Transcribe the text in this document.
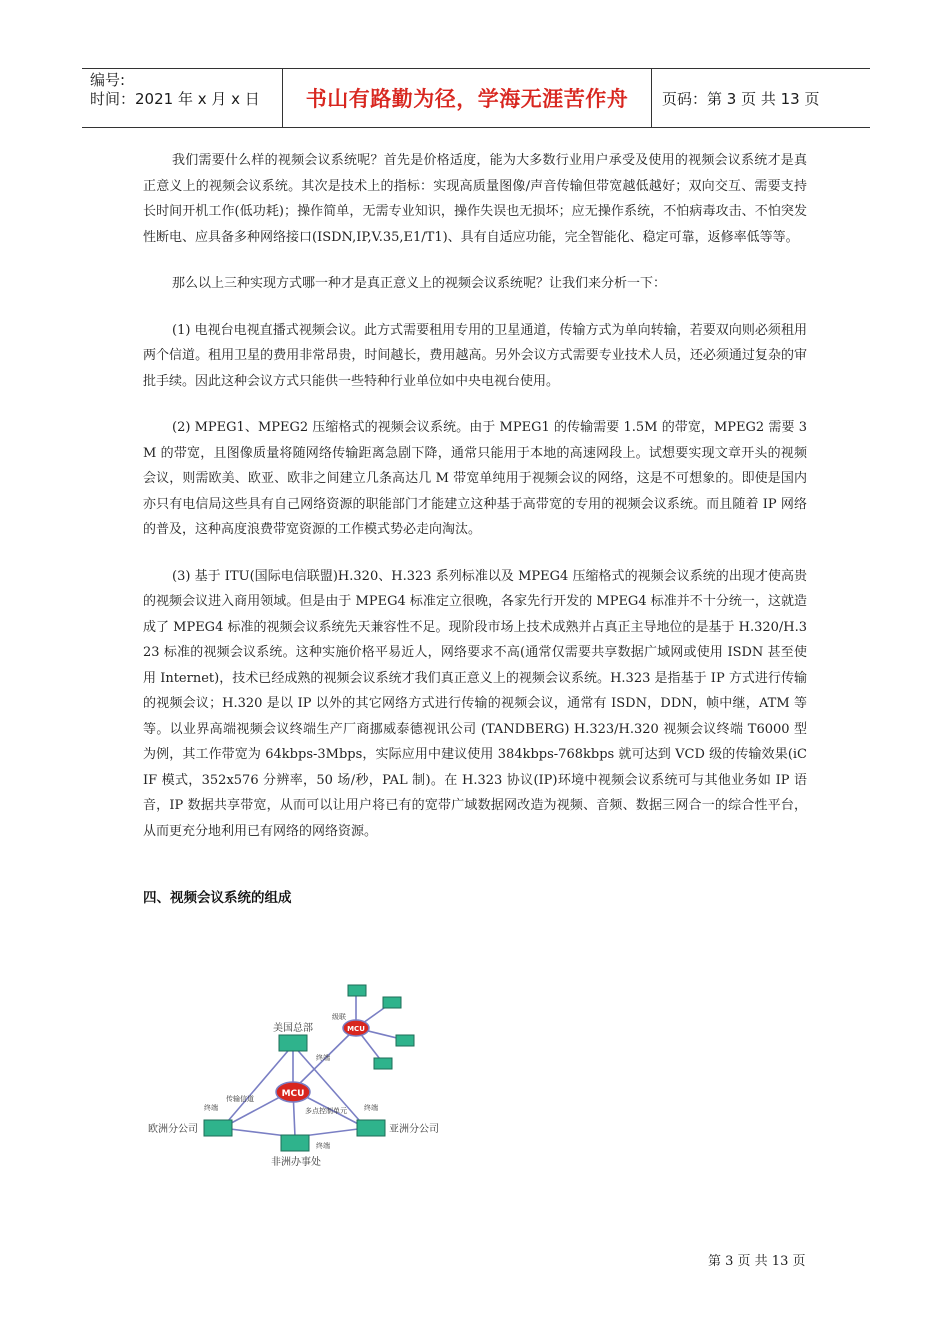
编号:
时间：2021 年 x 月 x 日	书山有路勤为径，学海无涯苦作舟	页码：第 3 页 共 13 页

我们需要什么样的视频会议系统呢？首先是价格适度，能为大多数行业用户承受及使用的视频会议系统才是真正意义上的视频会议系统。其次是技术上的指标：实现高质量图像/声音传输但带宽越低越好；双向交互、需要支持长时间开机工作(低功耗)；操作简单，无需专业知识，操作失误也无损坏；应无操作系统，不怕病毒攻击、不怕突发性断电、应具备多种网络接口(ISDN,IP,V.35,E1/T1)、具有自适应功能，完全智能化、稳定可靠，返修率低等等。

那么以上三种实现方式哪一种才是真正意义上的视频会议系统呢？让我们来分析一下：

(1) 电视台电视直播式视频会议。此方式需要租用专用的卫星通道，传输方式为单向转输，若要双向则必须租用两个信道。租用卫星的费用非常昂贵，时间越长，费用越高。另外会议方式需要专业技术人员，还必须通过复杂的审批手续。因此这种会议方式只能供一些特种行业单位如中央电视台使用。

(2) MPEG1、MPEG2 压缩格式的视频会议系统。由于 MPEG1 的传输需要 1.5M 的带宽，MPEG2 需要 3M 的带宽，且图像质量将随网络传输距离急剧下降，通常只能用于本地的高速网段上。试想要实现文章开头的视频会议，则需欧美、欧亚、欧非之间建立几条高达几 M 带宽单纯用于视频会议的网络，这是不可想象的。即使是国内亦只有电信局这些具有自己网络资源的职能部门才能建立这种基于高带宽的专用的视频会议系统。而且随着 IP 网络的普及，这种高度浪费带宽资源的工作模式势必走向淘汰。

(3) 基于 ITU(国际电信联盟)H.320、H.323 系列标准以及 MPEG4 压缩格式的视频会议系统的出现才使高贵的视频会议进入商用领域。但是由于 MPEG4 标准定立很晚，各家先行开发的 MPEG4 标准并不十分统一，这就造成了 MPEG4 标准的视频会议系统先天兼容性不足。现阶段市场上技术成熟并占真正主导地位的是基于 H.320/H.323 标准的视频会议系统。这种实施价格平易近人，网络要求不高(通常仅需要共享数据广域网或使用 ISDN 甚至使用 Internet)，技术已经成熟的视频会议系统才我们真正意义上的视频会议系统。H.323 是指基于 IP 方式进行传输的视频会议；H.320 是以 IP 以外的其它网络方式进行传输的视频会议，通常有 ISDN，DDN，帧中继，ATM 等等。以业界高端视频会议终端生产厂商挪威泰德视讯公司 (TANDBERG) H.323/H.320 视频会议终端 T6000 型为例，其工作带宽为 64kbps-3Mbps，实际应用中建议使用 384kbps-768kbps 就可达到 VCD 级的传输效果(iCIF 模式，352x576 分辨率，50 场/秒，PAL 制)。在 H.323 协议(IP)环境中视频会议系统可与其他业务如 IP 语音，IP 数据共享带宽，从而可以让用户将已有的宽带广域数据网改造为视频、音频、数据三网合一的综合性平台，从而更充分地利用已有网络的网络资源。

四、视频会议系统的组成
MCU
MCU
美国总部
欧洲分公司	亚洲分公司
非洲办事处
级联
终端
终端	终端
终端
传输信道
多点控制单元
第 3 页 共 13 页
